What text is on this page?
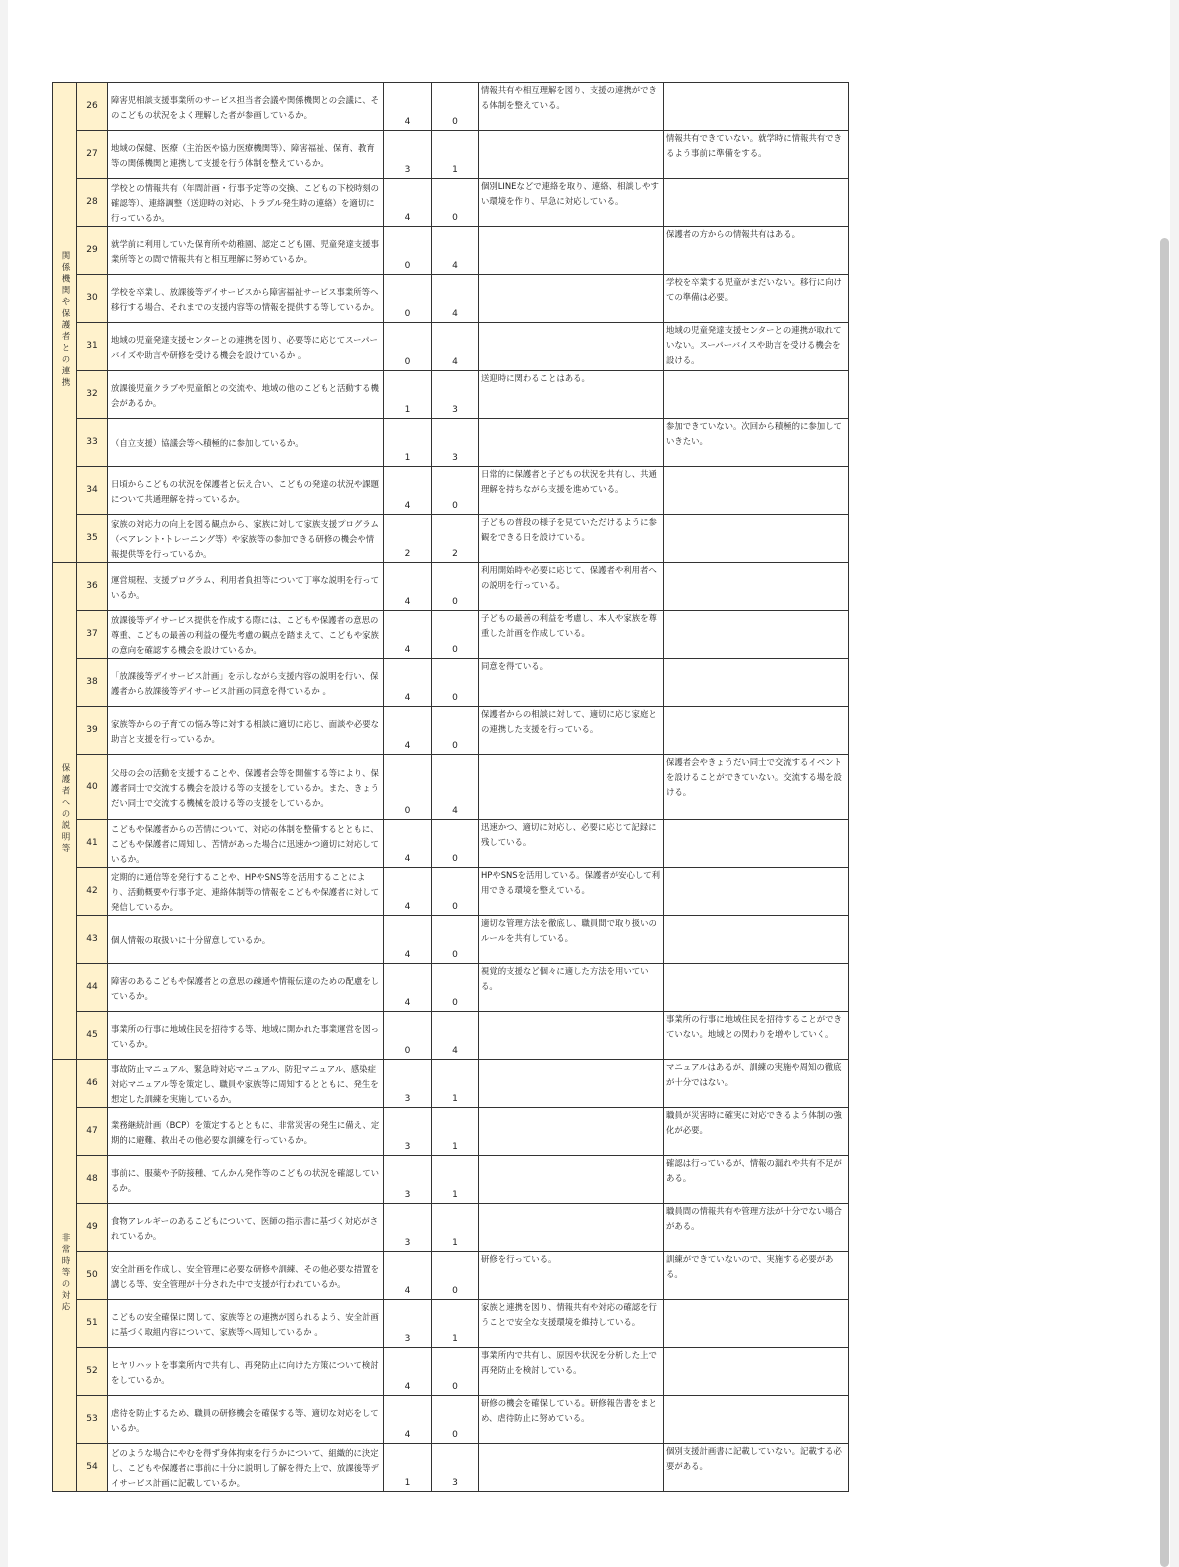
関係機関や保護者との連携	26	障害児相談支援事業所のサービス担当者会議や関係機関との会議に、そのこどもの状況をよく理解した者が参画しているか。	4	0	情報共有や相互理解を図り、支援の連携ができる体制を整えている。	
	27	地域の保健、医療（主治医や協力医療機関等）、障害福祉、保育、教育等の関係機関と連携して支援を行う体制を整えているか。	3	1		情報共有できていない。就学時に情報共有できるよう事前に準備をする。
	28	学校との情報共有（年間計画・行事予定等の交換、こどもの下校時刻の確認等）、連絡調整（送迎時の対応、トラブル発生時の連絡）を適切に行っているか。	4	0	個別LINEなどで連絡を取り、連絡、相談しやすい環境を作り、早急に対応している。	
	29	就学前に利用していた保育所や幼稚園、認定こども園、児童発達支援事業所等との間で情報共有と相互理解に努めているか。	0	4		保護者の方からの情報共有はある。
	30	学校を卒業し、放課後等デイサービスから障害福祉サービス事業所等へ移行する場合、それまでの支援内容等の情報を提供する等しているか。	0	4		学校を卒業する児童がまだいない。移行に向けての準備は必要。
	31	地域の児童発達支援センターとの連携を図り、必要等に応じてスーパーバイズや助言や研修を受ける機会を設けているか 。	0	4		地域の児童発達支援センターとの連携が取れていない。スーパーバイスや助言を受ける機会を設ける。
	32	放課後児童クラブや児童館との交流や、地域の他のこどもと活動する機会があるか。	1	3	送迎時に関わることはある。	
	33	（自立支援）協議会等へ積極的に参加しているか。	1	3		参加できていない。次回から積極的に参加していきたい。
	34	日頃からこどもの状況を保護者と伝え合い、こどもの発達の状況や課題について共通理解を持っているか。	4	0	日常的に保護者と子どもの状況を共有し、共通理解を持ちながら支援を進めている。	
	35	家族の対応力の向上を図る観点から、家族に対して家族支援プログラム（ペアレント･トレーニング等）や家族等の参加できる研修の機会や情報提供等を行っているか。	2	2	子どもの普段の様子を見ていただけるように参観をできる日を設けている。	
保護者への説明等	36	運営規程、支援プログラム、利用者負担等について丁寧な説明を行っているか。	4	0	利用開始時や必要に応じて、保護者や利用者への説明を行っている。	
	37	放課後等デイサービス提供を作成する際には、こどもや保護者の意思の尊重、こどもの最善の利益の優先考慮の観点を踏まえて、こどもや家族の意向を確認する機会を設けているか。	4	0	子どもの最善の利益を考慮し、本人や家族を尊重した計画を作成している。	
	38	「放課後等デイサービス計画」を示しながら支援内容の説明を行い、保護者から放課後等デイサービス計画の同意を得ているか 。	4	0	同意を得ている。	
	39	家族等からの子育ての悩み等に対する相談に適切に応じ、面談や必要な助言と支援を行っているか。	4	0	保護者からの相談に対して、適切に応じ家庭との連携した支援を行っている。	
	40	父母の会の活動を支援することや、保護者会等を開催する等により、保護者同士で交流する機会を設ける等の支援をしているか。また、きょうだい同士で交流する機械を設ける等の支援をしているか。	0	4		保護者会やきょうだい同士で交流するイベントを設けることができていない。交流する場を設ける。
	41	こどもや保護者からの苦情について、対応の体制を整備するとともに、こどもや保護者に周知し、苦情があった場合に迅速かつ適切に対応しているか。	4	0	迅速かつ、適切に対応し、必要に応じて記録に残している。	
	42	定期的に通信等を発行することや、HPやSNS等を活用することにより、活動概要や行事予定、連絡体制等の情報をこどもや保護者に対して発信しているか。	4	0	HPやSNSを活用している。保護者が安心して利用できる環境を整えている。	
	43	個人情報の取扱いに十分留意しているか。	4	0	適切な管理方法を徹底し、職員間で取り扱いのルールを共有している。	
	44	障害のあるこどもや保護者との意思の疎通や情報伝達のための配慮をしているか。	4	0	視覚的支援など個々に適した方法を用いている。	
	45	事業所の行事に地域住民を招待する等、地域に開かれた事業運営を図っているか。	0	4		事業所の行事に地域住民を招待することができていない。地域との関わりを増やしていく。
非常時等の対応	46	事故防止マニュアル、緊急時対応マニュアル、防犯マニュアル、感染症対応マニュアル等を策定し、職員や家族等に周知するとともに、発生を想定した訓練を実施しているか。	3	1		マニュアルはあるが、訓練の実施や周知の徹底が十分ではない。
	47	業務継続計画（BCP）を策定するとともに、非常災害の発生に備え、定期的に避難、救出その他必要な訓練を行っているか。	3	1		職員が災害時に確実に対応できるよう体制の強化が必要。
	48	事前に、服薬や予防接種、てんかん発作等のこどもの状況を確認しているか。	3	1		確認は行っているが、情報の漏れや共有不足がある。
	49	食物アレルギーのあるこどもについて、医師の指示書に基づく対応がされているか。	3	1		職員間の情報共有や管理方法が十分でない場合がある。
	50	安全計画を作成し、安全管理に必要な研修や訓練、その他必要な措置を講じる等、安全管理が十分された中で支援が行われているか。	4	0	研修を行っている。	訓練ができていないので、実施する必要がある。
	51	こどもの安全確保に関して、家族等との連携が図られるよう、安全計画に基づく取組内容について、家族等へ周知しているか 。	3	1	家族と連携を図り、情報共有や対応の確認を行うことで安全な支援環境を維持している。	
	52	ヒヤリハットを事業所内で共有し、再発防止に向けた方策について検討をしているか。	4	0	事業所内で共有し、原因や状況を分析した上で再発防止を検討している。	
	53	虐待を防止するため、職員の研修機会を確保する等、適切な対応をしているか。	4	0	研修の機会を確保している。研修報告書をまとめ、虐待防止に努めている。	
	54	どのような場合にやむを得ず身体拘束を行うかについて、組織的に決定し、こどもや保護者に事前に十分に説明し了解を得た上で、放課後等デイサービス計画に記載しているか。	1	3		個別支援計画書に記載していない。記載する必要がある。
